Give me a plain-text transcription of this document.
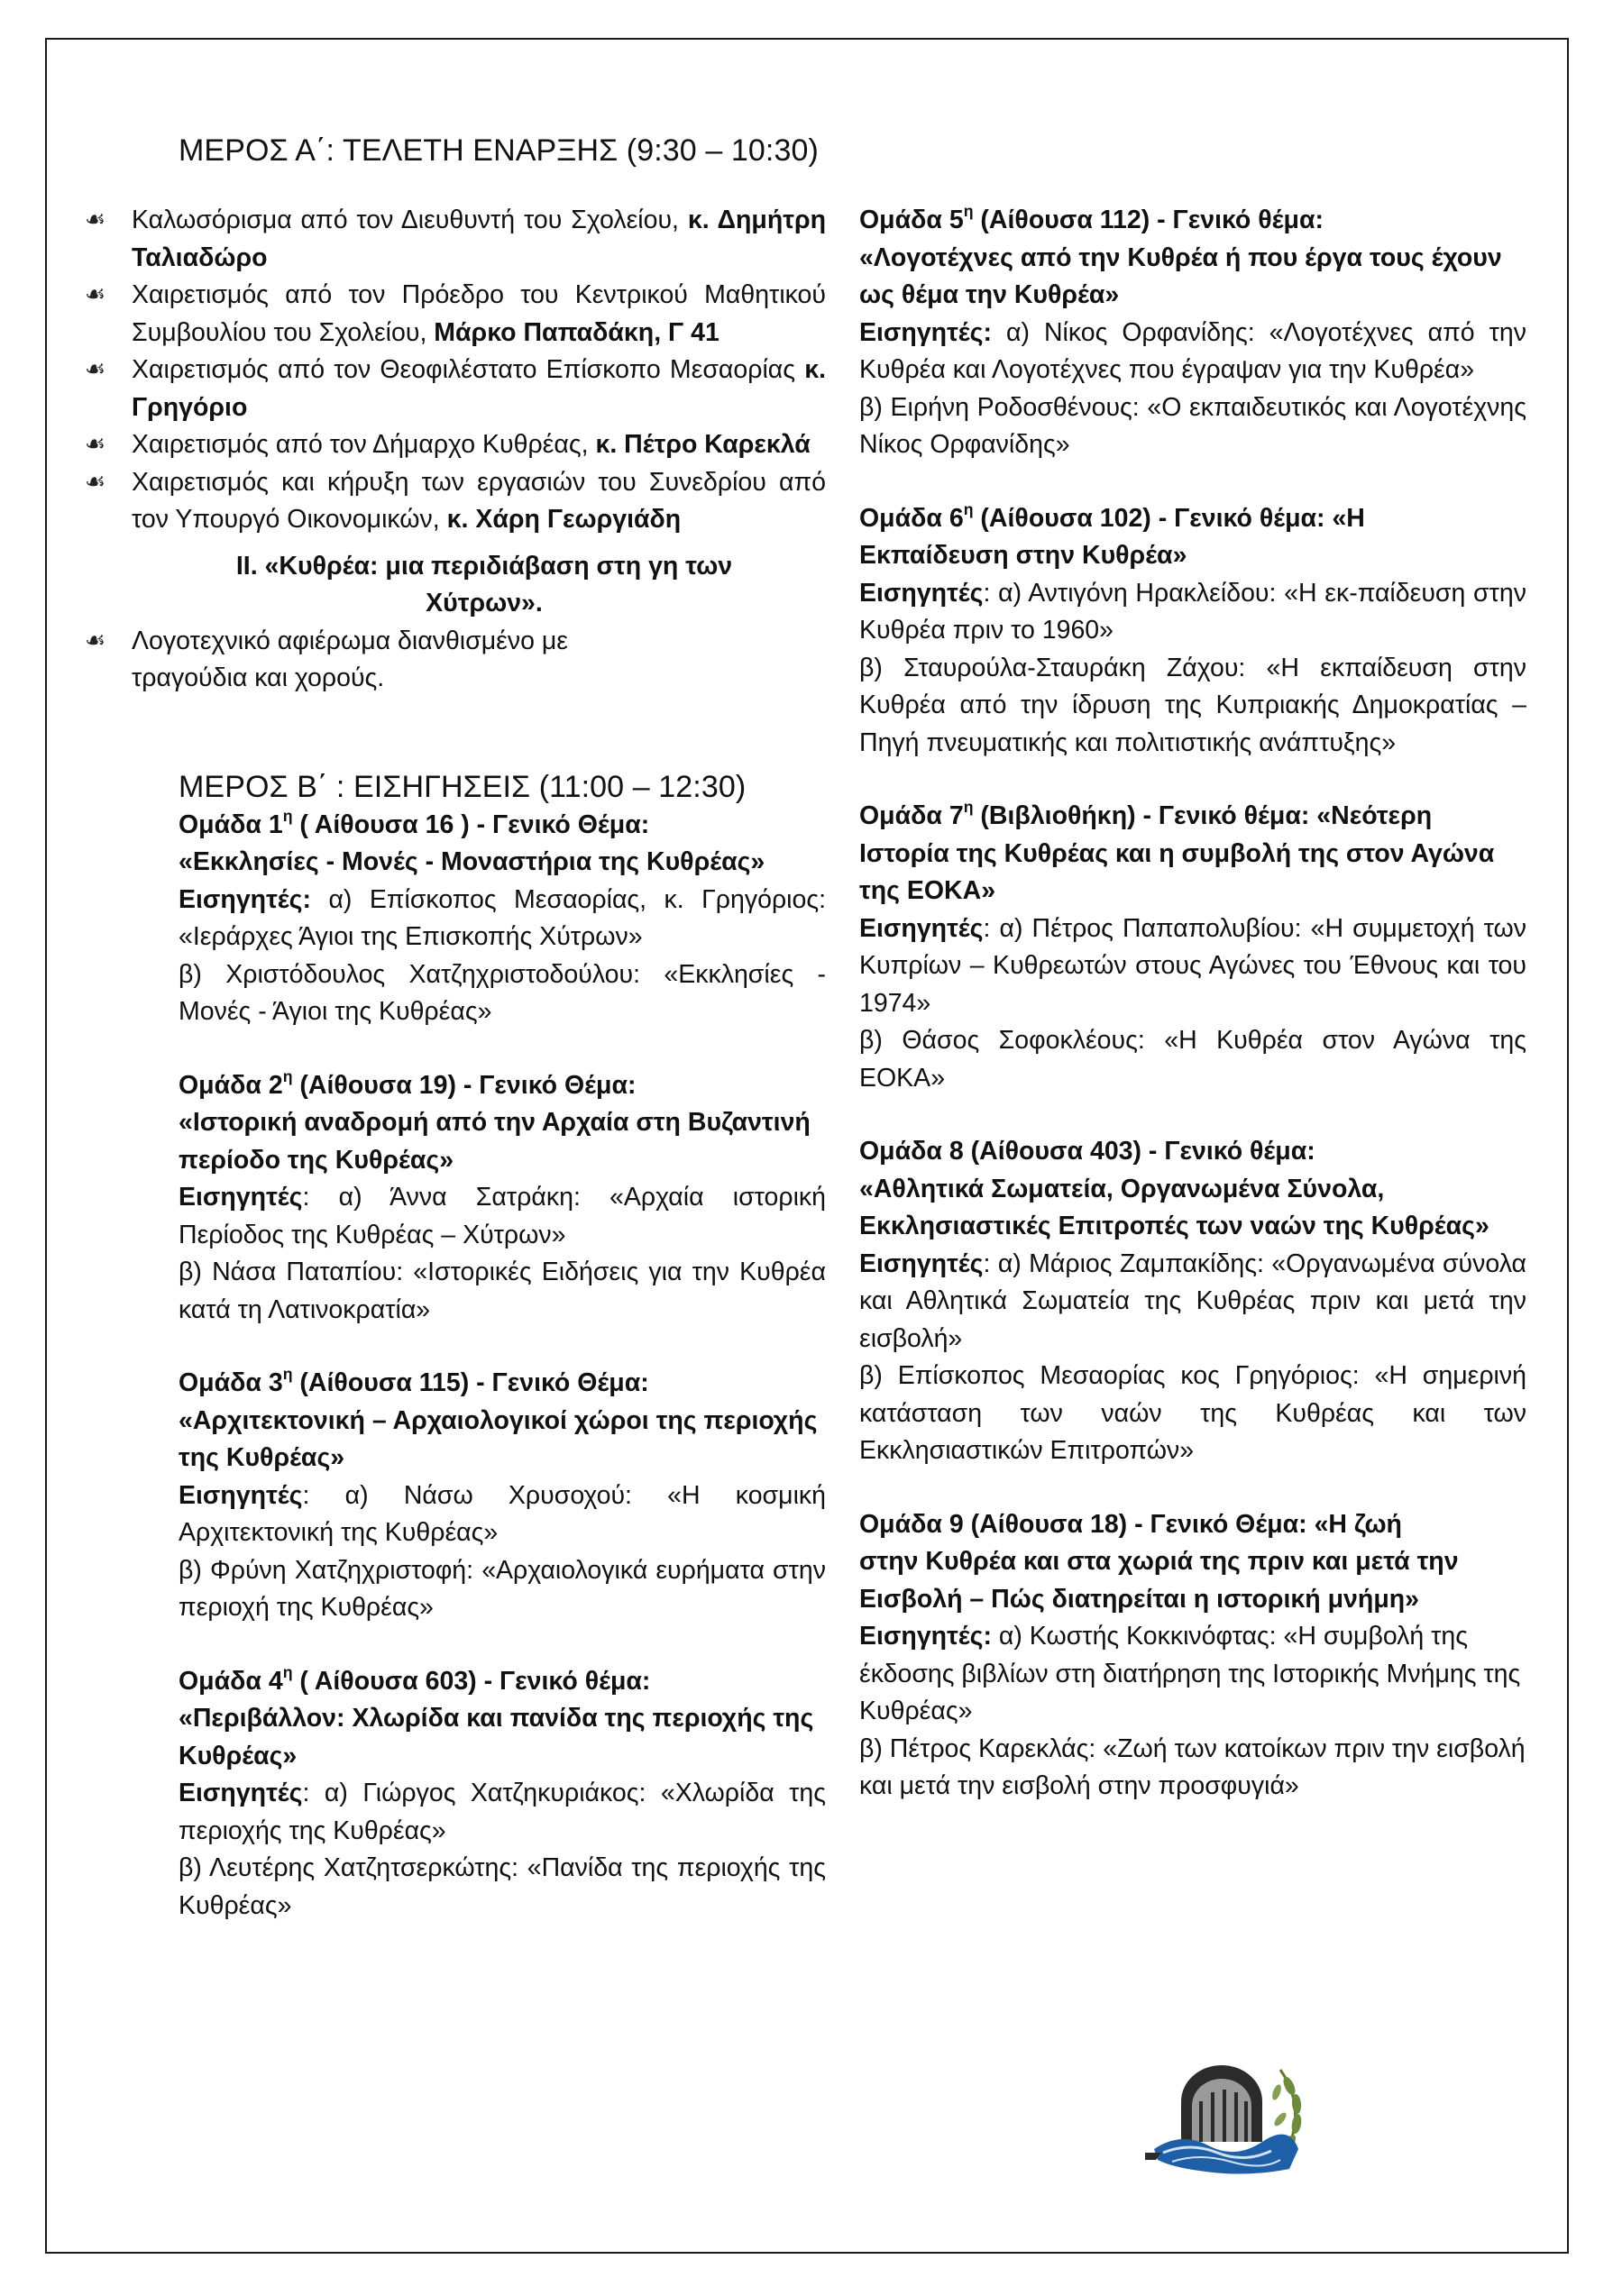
ΜΕΡΟΣ Α΄: ΤΕΛΕΤΗ ΕΝΑΡΞΗΣ (9:30 – 10:30)
☙	Καλωσόρισμα από τον Διευθυντή του Σχολείου, κ. Δημήτρη Ταλιαδώρο
☙	Χαιρετισμός από τον Πρόεδρο του Κεντρικού Μαθητικού Συμβουλίου του Σχολείου, Μάρκο Παπαδάκη, Γ 41
☙	Χαιρετισμός από τον Θεοφιλέστατο Επίσκοπο Μεσαορίας κ. Γρηγόριο
☙	Χαιρετισμός από τον Δήμαρχο Κυθρέας, κ. Πέτρο Καρεκλά
☙	Χαιρετισμός και κήρυξη των εργασιών του Συνεδρίου από τον Υπουργό Οικονομικών, κ. Χάρη Γεωργιάδη
ΙΙ. «Κυθρέα: μια περιδιάβαση στη γη των Χύτρων».
☙	Λογοτεχνικό αφιέρωμα διανθισμένο με τραγούδια και χορούς.
ΜΕΡΟΣ Β΄ : ΕΙΣΗΓΗΣΕΙΣ (11:00 – 12:30)
Ομάδα $1^\eta$ ( Αίθουσα 16 ) - Γενικό Θέμα:
«Εκκλησίες - Μονές - Μοναστήρια της Κυθρέας»
Εισηγητές: α) Επίσκοπος Μεσαορίας, κ. Γρηγόριος: «Ιεράρχες Άγιοι της Επισκοπής Χύτρων»
β) Χριστόδουλος Χατζηχριστοδούλου: «Εκκλησίες - Μονές - Άγιοι της Κυθρέας»
Ομάδα $2^\eta$ (Αίθουσα 19) - Γενικό Θέμα:
«Ιστορική αναδρομή από την Αρχαία στη Βυζαντινή περίοδο της Κυθρέας»
Εισηγητές: α) Άννα Σατράκη: «Αρχαία ιστορική Περίοδος της Κυθρέας – Χύτρων»
β) Νάσα Παταπίου: «Ιστορικές Ειδήσεις για την Κυθρέα κατά τη Λατινοκρατία»
Ομάδα $3^\eta$ (Αίθουσα 115) - Γενικό Θέμα:
«Αρχιτεκτονική – Αρχαιολογικοί χώροι της περιοχής της Κυθρέας»
Εισηγητές: α) Νάσω Χρυσοχού: «Η κοσμική Αρχιτεκτονική της Κυθρέας»
β) Φρύνη Χατζηχριστοφή: «Αρχαιολογικά ευρήματα στην περιοχή της Κυθρέας»
Ομάδα $4^\eta$ ( Αίθουσα 603) - Γενικό θέμα:
«Περιβάλλον: Χλωρίδα και πανίδα της περιοχής της Κυθρέας»
Εισηγητές: α) Γιώργος Χατζηκυριάκος: «Χλωρίδα της περιοχής της Κυθρέας»
β) Λευτέρης Χατζητσερκώτης: «Πανίδα της περιοχής της Κυθρέας»
Ομάδα $5^\eta$ (Αίθουσα 112) - Γενικό θέμα:
«Λογοτέχνες από την Κυθρέα ή που έργα τους έχουν ως θέμα την Κυθρέα»
Εισηγητές: α) Νίκος Ορφανίδης: «Λογοτέχνες από την Κυθρέα και Λογοτέχνες που έγραψαν για την Κυθρέα»
β) Ειρήνη Ροδοσθένους: «Ο εκπαιδευτικός και Λογοτέχνης Νίκος Ορφανίδης»
Ομάδα $6^\eta$ (Αίθουσα 102) - Γενικό θέμα: «Η
Εκπαίδευση στην Κυθρέα»
Εισηγητές: α) Αντιγόνη Ηρακλείδου: «Η εκ-παίδευση στην Κυθρέα πριν το 1960»
β) Σταυρούλα-Σταυράκη Ζάχου: «Η εκπαίδευση στην Κυθρέα από την ίδρυση της Κυπριακής Δημοκρατίας – Πηγή πνευματικής και πολιτιστικής ανάπτυξης»
Ομάδα $7^\eta$ (Βιβλιοθήκη) - Γενικό θέμα: «Νεότερη
Ιστορία της Κυθρέας και η συμβολή της στον Αγώνα της ΕΟΚΑ»
Εισηγητές: α) Πέτρος Παπαπολυβίου: «Η συμμετοχή των Κυπρίων – Κυθρεωτών στους Αγώνες του Έθνους και του 1974»
β) Θάσος Σοφοκλέους: «Η Κυθρέα στον Αγώνα της ΕΟΚΑ»
Ομάδα 8 (Αίθουσα 403) - Γενικό θέμα:
«Αθλητικά Σωματεία, Οργανωμένα Σύνολα, Εκκλησιαστικές Επιτροπές των ναών της Κυθρέας»
Εισηγητές: α) Μάριος Ζαμπακίδης: «Οργανωμένα σύνολα και Αθλητικά Σωματεία της Κυθρέας πριν και μετά την εισβολή»
β) Επίσκοπος Μεσαορίας κος Γρηγόριος: «Η σημερινή κατάσταση των ναών της Κυθρέας και των Εκκλησιαστικών Επιτροπών»
Ομάδα 9 (Αίθουσα 18) - Γενικό Θέμα: «Η ζωή
στην Κυθρέα και στα χωριά της πριν και μετά την Εισβολή – Πώς διατηρείται η ιστορική μνήμη»
Εισηγητές: α) Κωστής Κοκκινόφτας: «Η συμβολή της έκδοσης βιβλίων στη διατήρηση της Ιστορικής Μνήμης της Κυθρέας»
β) Πέτρος Καρεκλάς: «Ζωή των κατοίκων πριν την εισβολή και μετά την εισβολή στην προσφυγιά»
